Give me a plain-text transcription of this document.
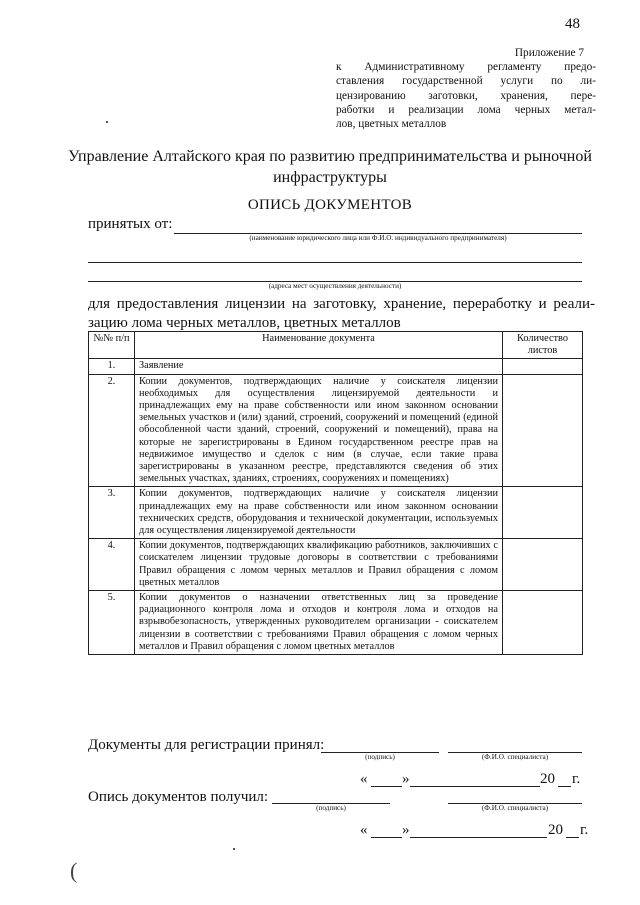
48
Приложение 7
к Административному регламенту предо-
ставления государственной услуги по ли-
цензированию заготовки, хранения, пере-
работки и реализации лома черных метал-
лов, цветных металлов
Управление Алтайского края по развитию предпринимательства и рыночной инфраструктуры
ОПИСЬ ДОКУМЕНТОВ
принятых от:
(наименование юридического лица или Ф.И.О. индивидуального предпринимателя)
(адреса мест осуществления деятельности)
для предоставления лицензии на заготовку, хранение, переработку и реали-
зацию лома черных металлов, цветных металлов
№№ п/п	Наименование документа	Количество листов
1.	Заявление	
2.	Копии документов, подтверждающих наличие у соискателя лицензии необходимых для осуществления лицензируемой деятельности и принадлежащих ему на праве собственности или ином законном основании земельных участков и (или) зданий, строений, сооружений и помещений (единой обособленной части зданий, строений, сооружений и помещений), права на которые не зарегистрированы в Едином государственном реестре прав на недвижимое имущество и сделок с ним (в случае, если такие права зарегистрированы в указанном реестре, представляются сведения об этих земельных участках, зданиях, строениях, сооружениях и помещениях)	
3.	Копии документов, подтверждающих наличие у соискателя лицензии принадлежащих ему на праве собственности или ином законном основании технических средств, оборудования и технической документации, используемых для осуществления лицензируемой деятельности	
4.	Копии документов, подтверждающих квалификацию работников, заключивших с соискателем лицензии трудовые договоры в соответствии с требованиями Правил обращения с ломом черных металлов и Правил обращения с ломом цветных металлов	
5.	Копии документов о назначении ответственных лиц за проведение радиационного контроля лома и отходов и контроля лома и отходов на взрывобезопасность, утвержденных руководителем организации - соискателем лицензии в соответствии с требованиями Правил обращения с ломом черных металлов и Правил обращения с ломом цветных металлов	
Документы для регистрации принял:
(подпись)	(Ф.И.О. специалиста)
« »	20 г.
Опись документов получил:
(подпись)	(Ф.И.О. специалиста)
« »	20 г.
(
